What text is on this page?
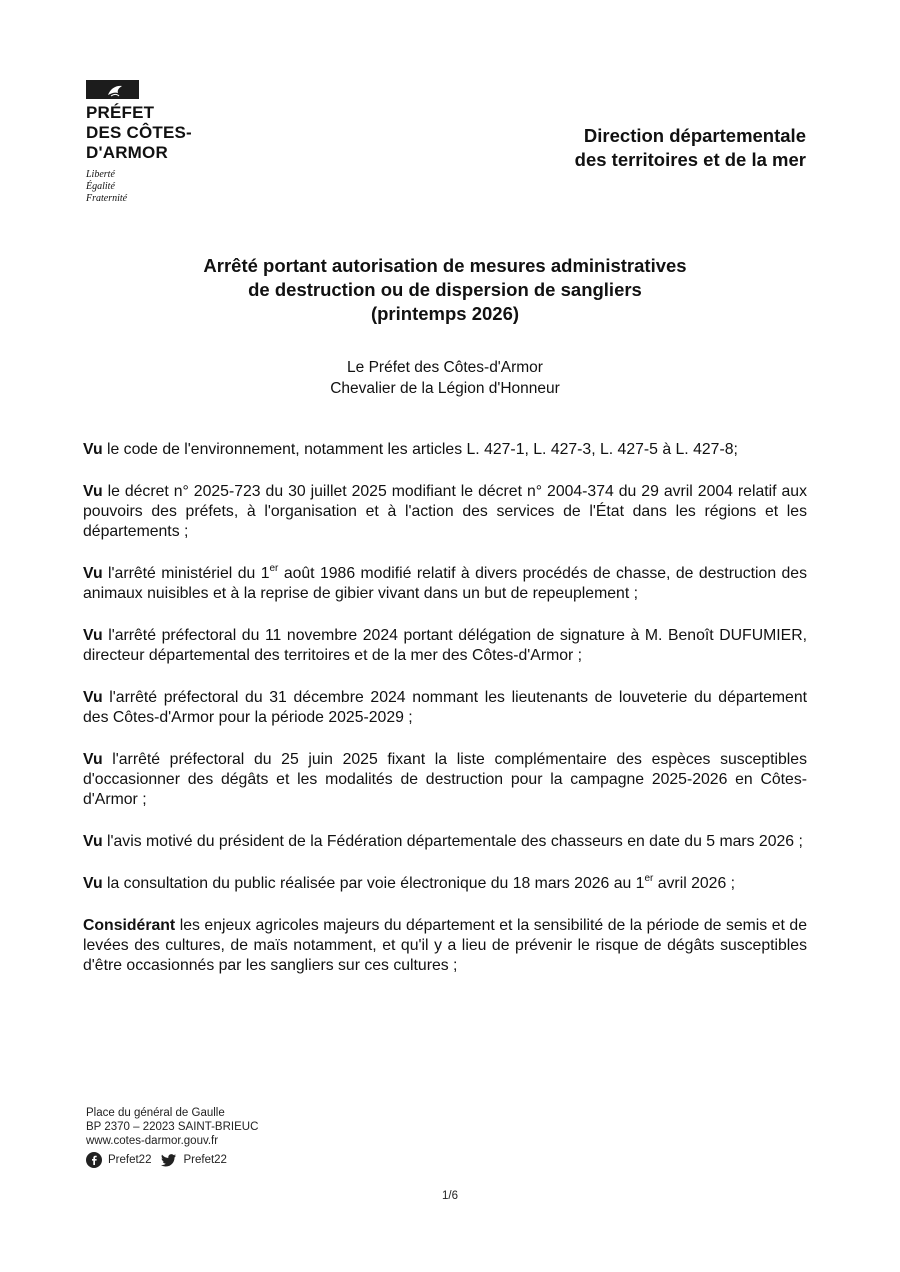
PRÉFET
DES CÔTES-
D'ARMOR
Liberté
Égalité
Fraternité
Direction départementale
des territoires et de la mer
Arrêté portant autorisation de mesures administratives
de destruction ou de dispersion de sangliers
(printemps 2026)
Le Préfet des Côtes-d'Armor
Chevalier de la Légion d'Honneur

Vu le code de l'environnement, notamment les articles L. 427-1, L. 427-3, L. 427-5 à L. 427-8;

Vu le décret n° 2025-723 du 30 juillet 2025 modifiant le décret n° 2004-374 du 29 avril 2004 relatif aux pouvoirs des préfets, à l'organisation et à l'action des services de l'État dans les régions et les départements ;

Vu l'arrêté ministériel du 1er août 1986 modifié relatif à divers procédés de chasse, de destruction des animaux nuisibles et à la reprise de gibier vivant dans un but de repeuplement ;

Vu l'arrêté préfectoral du 11 novembre 2024 portant délégation de signature à M. Benoît DUFUMIER, directeur départemental des territoires et de la mer des Côtes-d'Armor ;

Vu l'arrêté préfectoral du 31 décembre 2024 nommant les lieutenants de louveterie du département des Côtes-d'Armor pour la période 2025-2029 ;

Vu l'arrêté préfectoral du 25 juin 2025 fixant la liste complémentaire des espèces susceptibles d'occasionner des dégâts et les modalités de destruction pour la campagne 2025-2026 en Côtes-d'Armor ;

Vu l'avis motivé du président de la Fédération départementale des chasseurs en date du 5 mars 2026 ;

Vu la consultation du public réalisée par voie électronique du 18 mars 2026 au 1er avril 2026 ;

Considérant les enjeux agricoles majeurs du département et la sensibilité de la période de semis et de levées des cultures, de maïs notamment, et qu'il y a lieu de prévenir le risque de dégâts susceptibles d'être occasionnés par les sangliers sur ces cultures ;

Place du général de Gaulle
BP 2370 – 22023 SAINT-BRIEUC
www.cotes-darmor.gouv.fr
Prefet22	Prefet22
1/6
